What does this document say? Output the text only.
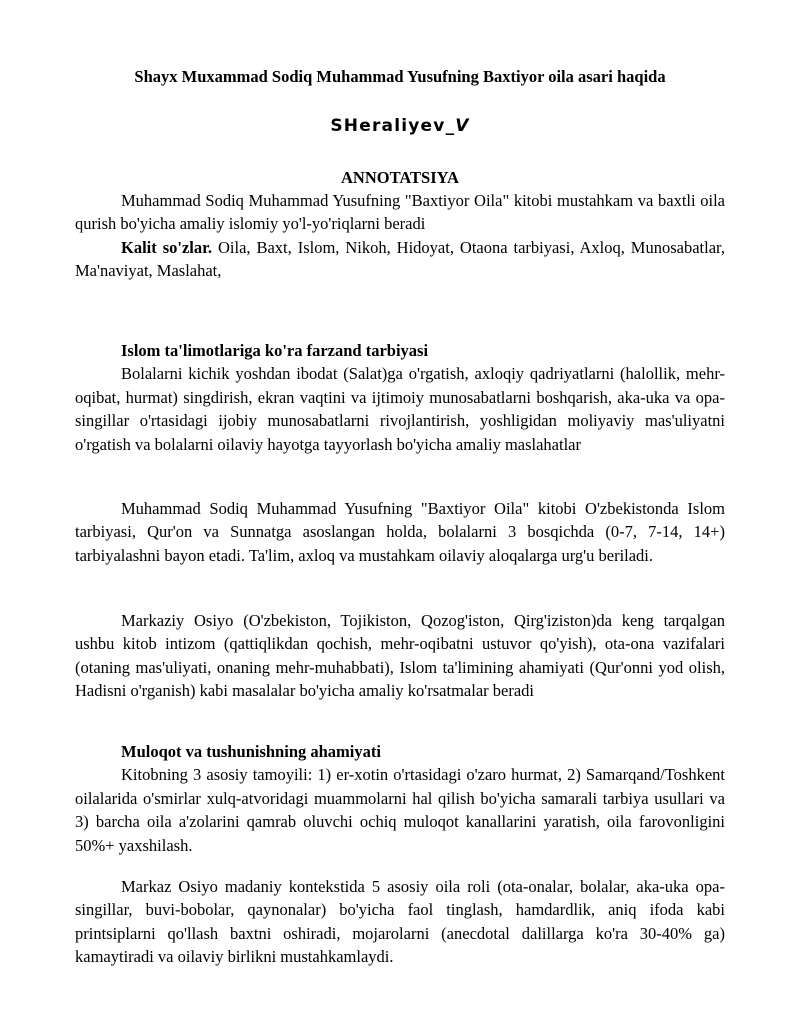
Shayx Muxammad Sodiq Muhammad Yusufning Baxtiyor oila asari haqida
SHeraliyev_V
ANNOTATSIYA

Muhammad Sodiq Muhammad Yusufning "Baxtiyor Oila" kitobi mustahkam va baxtli oila qurish bo'yicha amaliy islomiy yo'l-yo'riqlarni beradi

Kalit so'zlar. Oila, Baxt, Islom, Nikoh, Hidoyat, Otaona tarbiyasi, Axloq, Munosabatlar, Ma'naviyat, Maslahat,

Islom ta'limotlariga ko'ra farzand tarbiyasi

Bolalarni kichik yoshdan ibodat (Salat)ga o'rgatish, axloqiy qadriyatlarni (halollik, mehr-oqibat, hurmat) singdirish, ekran vaqtini va ijtimoiy munosabatlarni boshqarish, aka-uka va opa-singillar o'rtasidagi ijobiy munosabatlarni rivojlantirish, yoshligidan moliyaviy mas'uliyatni o'rgatish va bolalarni oilaviy hayotga tayyorlash bo'yicha amaliy maslahatlar

Muhammad Sodiq Muhammad Yusufning "Baxtiyor Oila" kitobi O'zbekistonda Islom tarbiyasi, Qur'on va Sunnatga asoslangan holda, bolalarni 3 bosqichda (0-7, 7-14, 14+) tarbiyalashni bayon etadi. Ta'lim, axloq va mustahkam oilaviy aloqalarga urg'u beriladi.

Markaziy Osiyo (O'zbekiston, Tojikiston, Qozog'iston, Qirg'iziston)da keng tarqalgan ushbu kitob intizom (qattiqlikdan qochish, mehr-oqibatni ustuvor qo'yish), ota-ona vazifalari (otaning mas'uliyati, onaning mehr-muhabbati), Islom ta'limining ahamiyati (Qur'onni yod olish, Hadisni o'rganish) kabi masalalar bo'yicha amaliy ko'rsatmalar beradi

Muloqot va tushunishning ahamiyati

Kitobning 3 asosiy tamoyili: 1) er-xotin o'rtasidagi o'zaro hurmat, 2) Samarqand/Toshkent oilalarida o'smirlar xulq-atvoridagi muammolarni hal qilish bo'yicha samarali tarbiya usullari va 3) barcha oila a'zolarini qamrab oluvchi ochiq muloqot kanallarini yaratish, oila farovonligini 50%+ yaxshilash.

Markaz Osiyo madaniy kontekstida 5 asosiy oila roli (ota-onalar, bolalar, aka-uka opa-singillar, buvi-bobolar, qaynonalar) bo'yicha faol tinglash, hamdardlik, aniq ifoda kabi printsiplarni qo'llash baxtni oshiradi, mojarolarni (anecdotal dalillarga ko'ra 30-40% ga) kamaytiradi va oilaviy birlikni mustahkamlaydi.
